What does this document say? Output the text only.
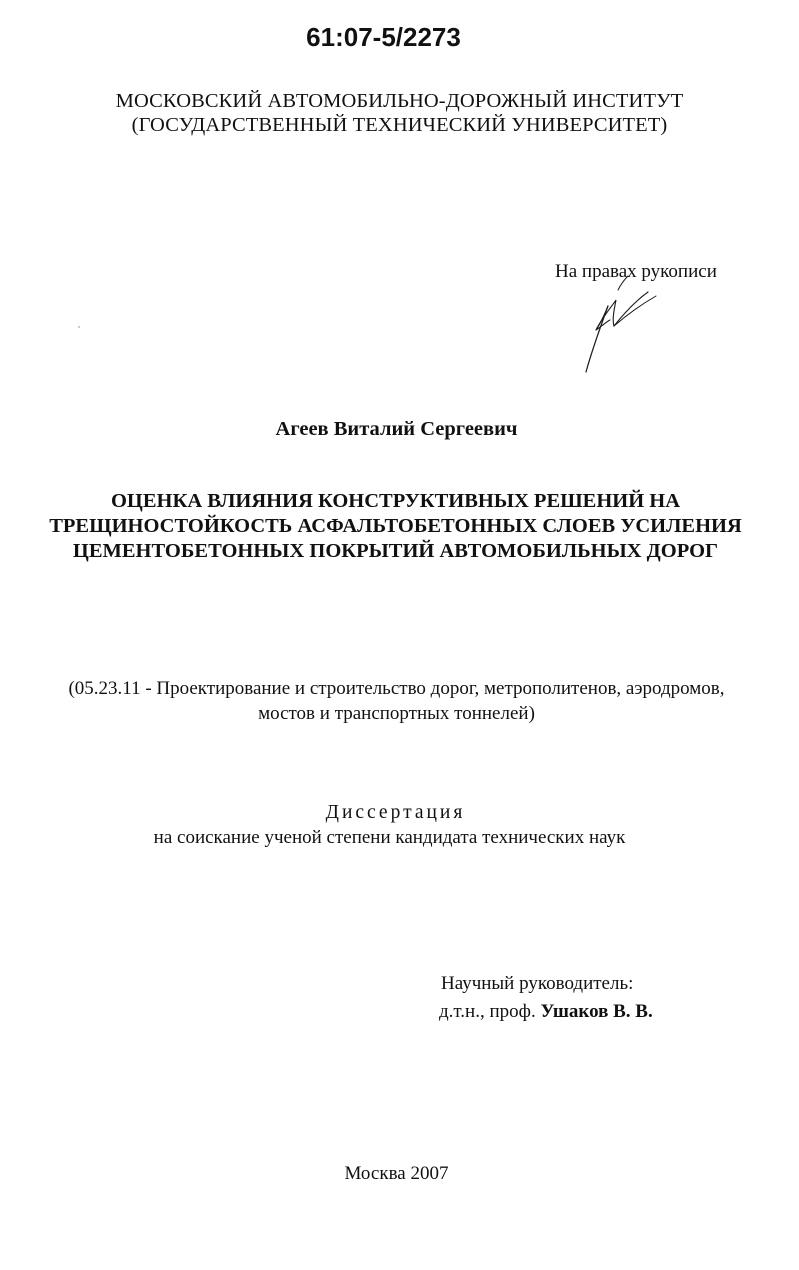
61:07-5/2273
МОСКОВСКИЙ АВТОМОБИЛЬНО-ДОРОЖНЫЙ ИНСТИТУТ
(ГОСУДАРСТВЕННЫЙ ТЕХНИЧЕСКИЙ УНИВЕРСИТЕТ)
На правах рукописи
Агеев Виталий Сергеевич
ОЦЕНКА ВЛИЯНИЯ КОНСТРУКТИВНЫХ РЕШЕНИЙ НА
ТРЕЩИНОСТОЙКОСТЬ АСФАЛЬТОБЕТОННЫХ СЛОЕВ УСИЛЕНИЯ
ЦЕМЕНТОБЕТОННЫХ ПОКРЫТИЙ АВТОМОБИЛЬНЫХ ДОРОГ
(05.23.11 - Проектирование и строительство дорог, метрополитенов, аэродромов,
мостов и транспортных тоннелей)
Диссертация
на соискание ученой степени кандидата технических наук
Научный руководитель:
д.т.н., проф. Ушаков В. В.
Москва 2007
